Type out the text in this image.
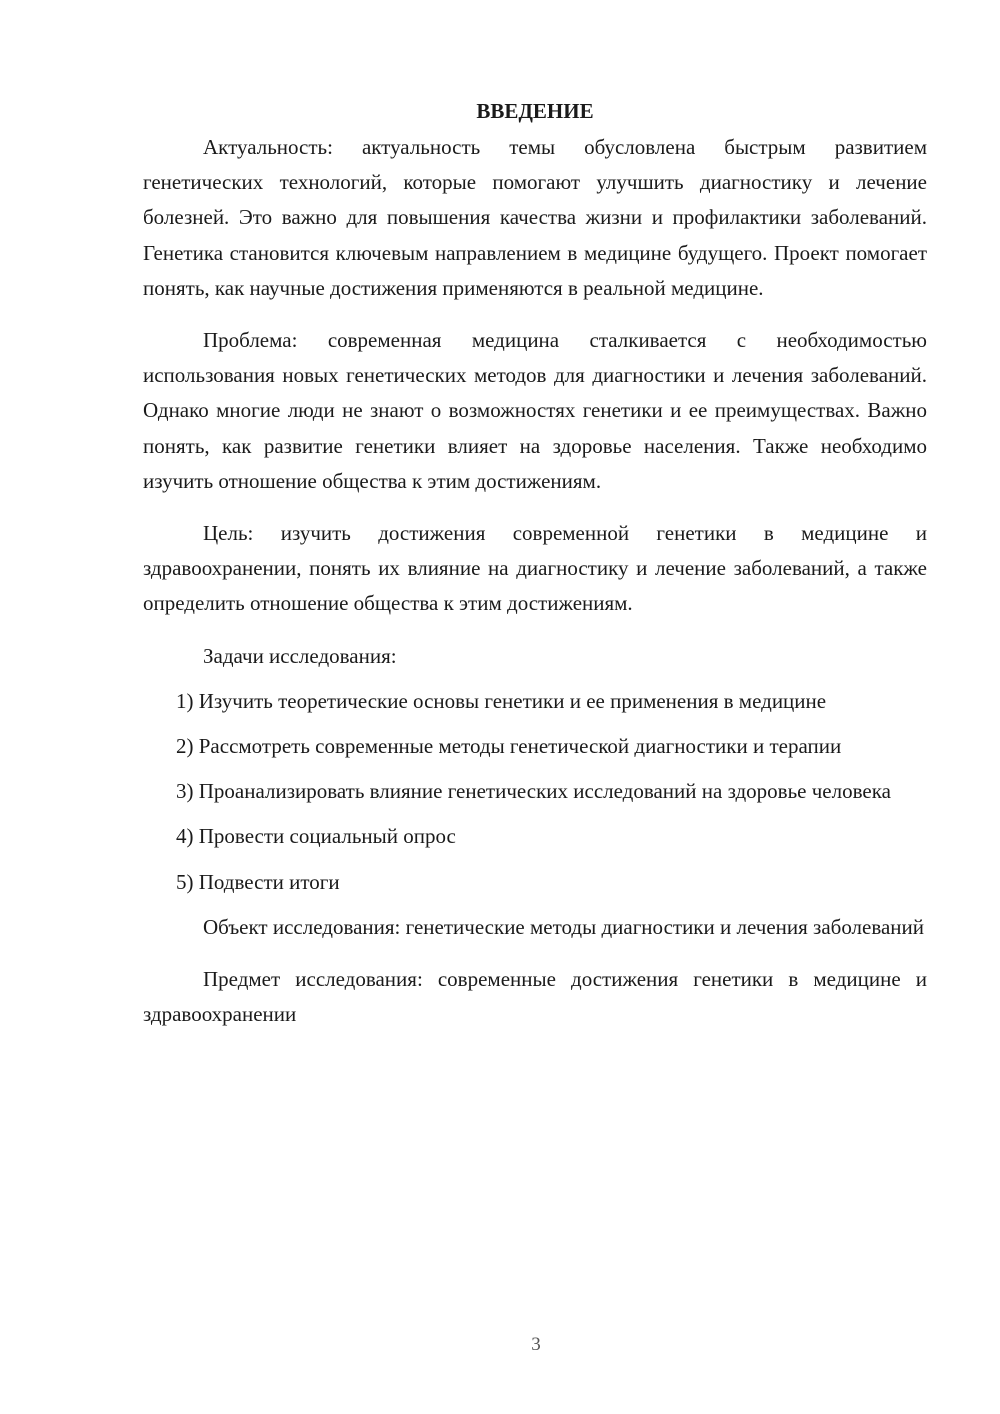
ВВЕДЕНИЕ

Актуальность: актуальность темы обусловлена быстрым развитием генетических технологий, которые помогают улучшить диагностику и лечение болезней. Это важно для повышения качества жизни и профилактики заболеваний. Генетика становится ключевым направлением в медицине будущего. Проект помогает понять, как научные достижения применяются в реальной медицине.

Проблема: современная медицина сталкивается с необходимостью использования новых генетических методов для диагностики и лечения заболеваний. Однако многие люди не знают о возможностях генетики и ее преимуществах. Важно понять, как развитие генетики влияет на здоровье населения. Также необходимо изучить отношение общества к этим достижениям.

Цель: изучить достижения современной генетики в медицине и здравоохранении, понять их влияние на диагностику и лечение заболеваний, а также определить отношение общества к этим достижениям.

Задачи исследования:

1) Изучить теоретические основы генетики и ее применения в медицине

2) Рассмотреть современные методы генетической диагностики и терапии

3) Проанализировать влияние генетических исследований на здоровье человека

4) Провести социальный опрос

5) Подвести итоги

Объект исследования: генетические методы диагностики и лечения заболеваний

Предмет исследования: современные достижения генетики в медицине и здравоохранении

3
